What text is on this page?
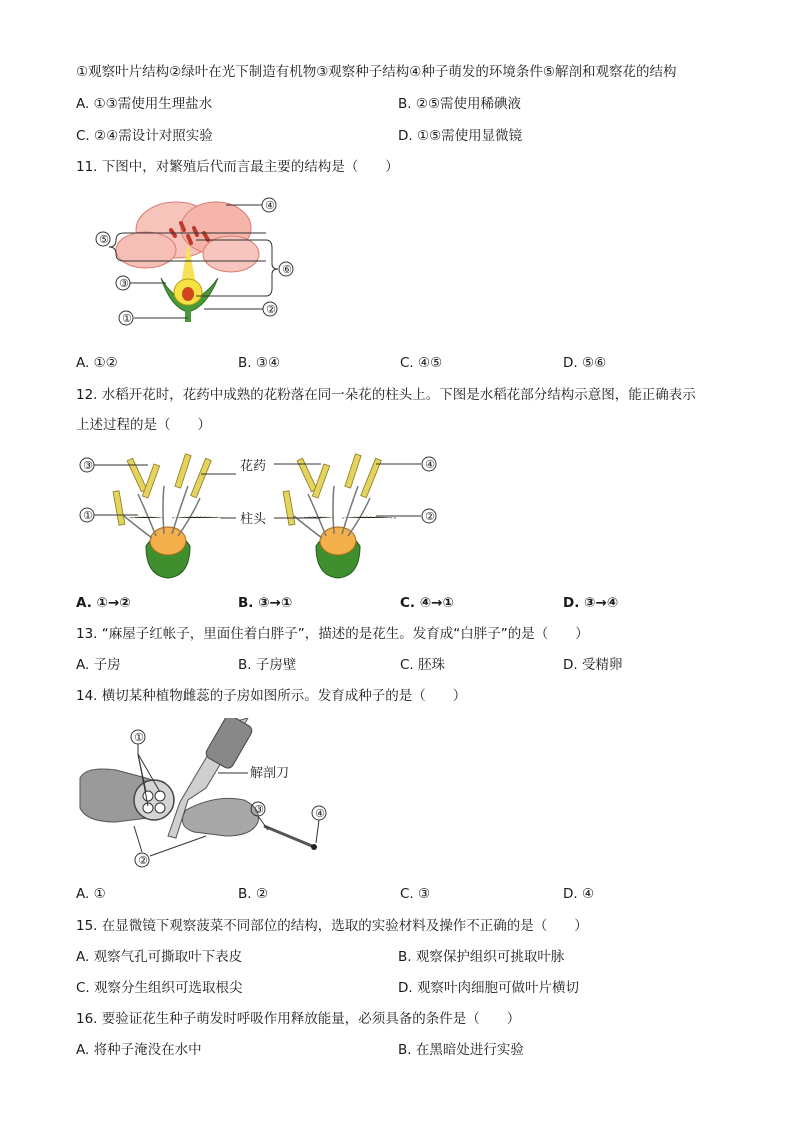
①观察叶片结构②绿叶在光下制造有机物③观察种子结构④种子萌发的环境条件⑤解剖和观察花的结构
A. ①③需使用生理盐水	B. ②⑤需使用稀碘液
C. ②④需设计对照实验	D. ①⑤需使用显微镜
11. 下图中，对繁殖后代而言最主要的结构是（　　）
④
⑤
③
⑥
②
①
A. ①②	B. ③④	C. ④⑤	D. ⑤⑥
12. 水稻开花时，花药中成熟的花粉落在同一朵花的柱头上。下图是水稻花部分结构示意图，能正确表示
上述过程的是（　　）
③
①
④
②
花药
柱头
A. ①→②	B. ③→①	C. ④→①	D. ③→④
13. “麻屋子红帐子，里面住着白胖子”，描述的是花生。发育成“白胖子”的是（　　）
A. 子房	B. 子房壁	C. 胚珠	D. 受精卵
14. 横切某种植物雌蕊的子房如图所示。发育成种子的是（　　）
①
③	④
②
解剖刀
A. ①	B. ②	C. ③	D. ④
15. 在显微镜下观察菠菜不同部位的结构，选取的实验材料及操作不正确的是（　　）
A. 观察气孔可撕取叶下表皮	B. 观察保护组织可挑取叶脉
C. 观察分生组织可选取根尖	D. 观察叶肉细胞可做叶片横切
16. 要验证花生种子萌发时呼吸作用释放能量，必须具备的条件是（　　）
A. 将种子淹没在水中	B. 在黑暗处进行实验
